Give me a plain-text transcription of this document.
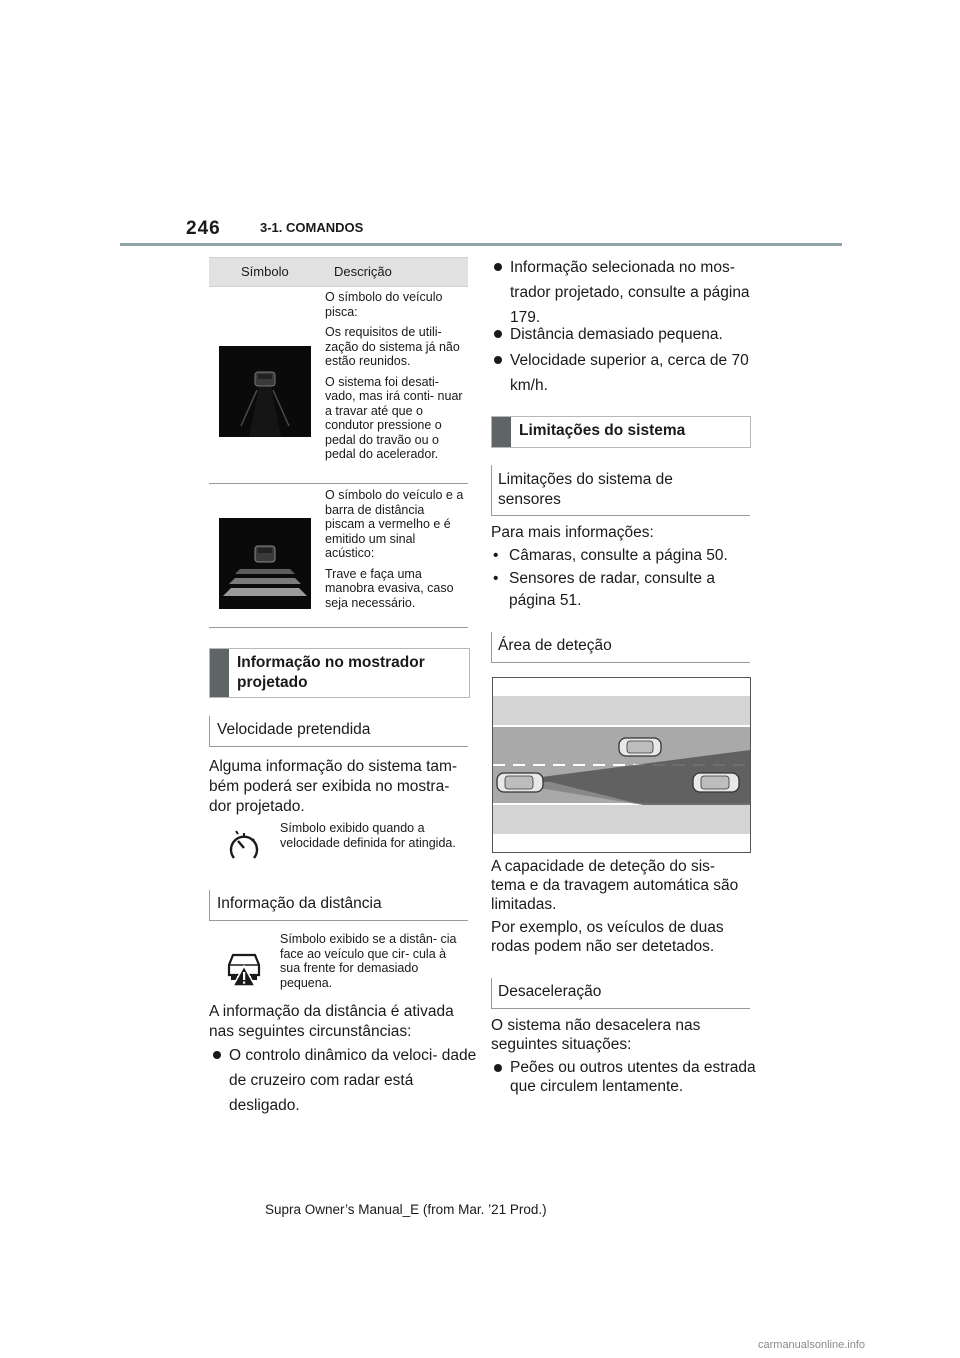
246	3-1. COMANDOS
Símbolo	Descrição

O símbolo do veículo pisca:

Os requisitos de utili- zação do sistema já não estão reunidos.

O sistema foi desati- vado, mas irá conti- nuar a travar até que o condutor pressione o pedal do travão ou o pedal do acelerador.

O símbolo do veículo e a barra de distância piscam a vermelho e é emitido um sinal acústico:

Trave e faça uma manobra evasiva, caso seja necessário.

Informação no mostrador projetado
Velocidade pretendida
Alguma informação do sistema tam- bém poderá ser exibida no mostra- dor projetado.
Símbolo exibido quando a velocidade definida for atingida.
Informação da distância
Símbolo exibido se a distân- cia face ao veículo que cir- cula à sua frente for demasiado pequena.
A informação da distância é ativada nas seguintes circunstâncias:
O controlo dinâmico da veloci- dade de cruzeiro com radar está desligado.
Informação selecionada no mos- trador projetado, consulte a página 179.
Distância demasiado pequena.
Velocidade superior a, cerca de 70 km/h.
Limitações do sistema
Limitações do sistema de sensores
Para mais informações:
• Câmaras, consulte a página 50.
• Sensores de radar, consulte a página 51.
Área de deteção
A capacidade de deteção do sis- tema e da travagem automática são limitadas.
Por exemplo, os veículos de duas rodas podem não ser detetados.
Desaceleração
O sistema não desacelera nas seguintes situações:
Peões ou outros utentes da estrada que circulem lentamente.
Supra Owner’s Manual_E (from Mar. ’21 Prod.)
carmanualsonline.info
